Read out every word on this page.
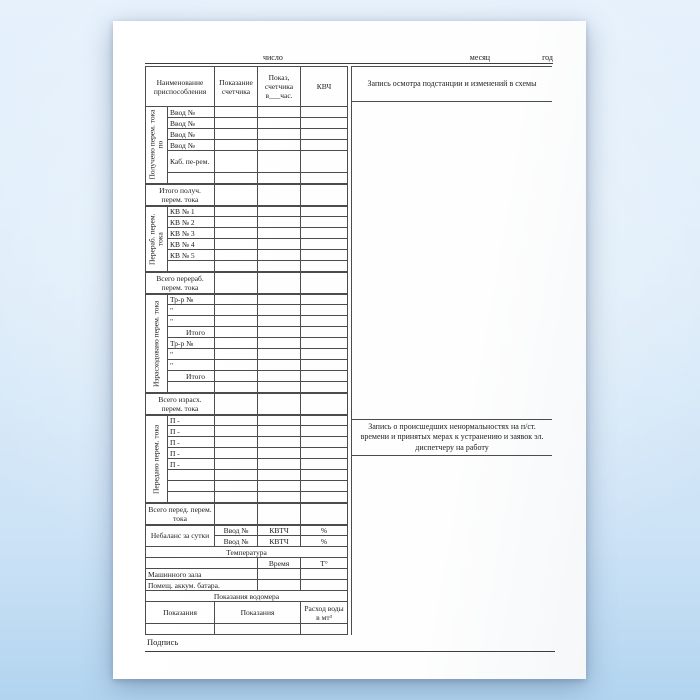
число	месяц	год
Наименование приспособления		Показание счетчика	Показ, счетчика в___час.	КВЧ

Получено перем. тока по	Ввод №			
	Ввод №			
	Ввод №			
	Ввод №			
	Каб. пе-рем.			

Итого получ. перем. тока				

Перераб. перем. тока	КВ № 1			
	КВ № 2			
	КВ № 3			
	КВ № 4			
	КВ № 5			

Всего перераб. перем. тока				

Израсходовано перем. тока	Тр-р №			
	"			
	"			
	Итого			
	Тр-р №			
	"			
	"			
	Итого			

Всего израсх. перем. тока				

Передано перем. тока	П -			
	П -			
	П -			
	П -			
	П -			

Всего перед. перем. тока				
Небаланс за сутки		Ввод №	КВТЧ	%
		Ввод №	КВТЧ	%
Температура				
			Время	Т°
Машинного зала				
Помещ. аккум. батара.				
Показания водомера				
Показания		Показания		Расход воды в мт³

Запись осмотра подстанции и изменений в схемы
Запись о происшедших ненормальностях на п/ст. времени и принятых мерах к устранению и заявок эл. диспетчеру на работу
Подпись
